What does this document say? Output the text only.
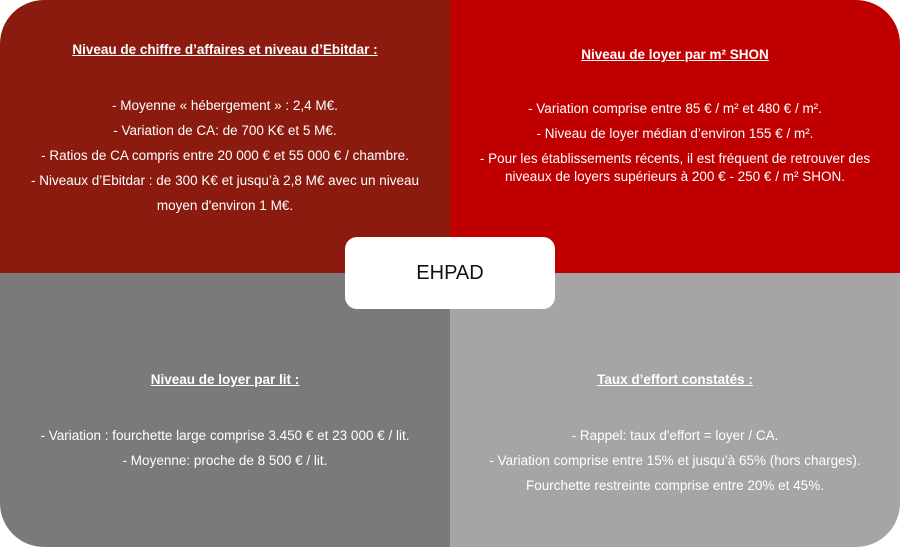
Niveau de chiffre d’affaires et niveau d’Ebitdar :

- Moyenne « hébergement » : 2,4 M€.

- Variation de CA: de 700 K€ et 5 M€.

- Ratios de CA compris entre 20 000 € et 55 000 € / chambre.

- Niveaux d’Ebitdar : de 300 K€ et jusqu’à 2,8 M€ avec un niveau moyen d'environ 1 M€.

Niveau de loyer par m² SHON

- Variation comprise entre 85 € / m² et 480 € / m².

- Niveau de loyer médian d’environ 155 € / m².

- Pour les établissements récents, il est fréquent de retrouver des niveaux de loyers supérieurs à 200 € - 250 € / m² SHON.

Niveau de loyer par lit :

- Variation : fourchette large comprise 3.450 € et 23 000 € / lit.

- Moyenne: proche de 8 500 € / lit.

Taux d’effort constatés :

- Rappel: taux d'effort = loyer / CA.

- Variation comprise entre 15% et jusqu’à 65% (hors charges).

Fourchette restreinte comprise entre 20% et 45%.

EHPAD
